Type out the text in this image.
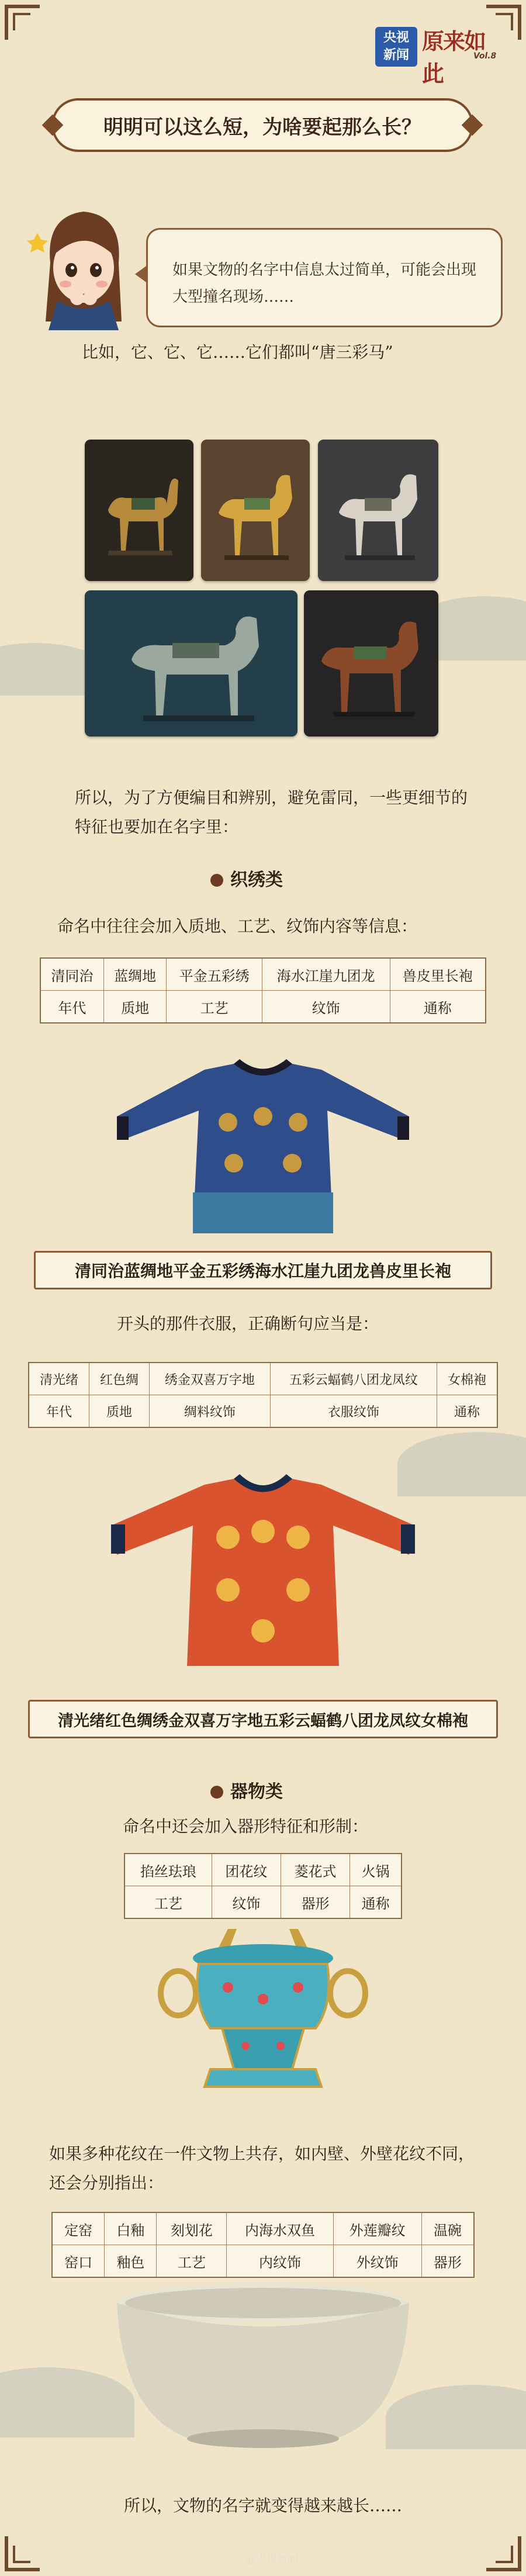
央视
新闻
原来如此
Vol.8
明明可以这么短，为啥要起那么长？
如果文物的名字中信息太过简单，可能会出现大型撞名现场……
比如，它、它、它……它们都叫“唐三彩马”
所以，为了方便编目和辨别，避免雷同，一些更细节的特征也要加在名字里：
织绣类
命名中往往会加入质地、工艺、纹饰内容等信息：
清同治	蓝绸地	平金五彩绣	海水江崖九团龙	兽皮里长袍
年代	质地	工艺	纹饰	通称
清同治蓝绸地平金五彩绣海水江崖九团龙兽皮里长袍
开头的那件衣服，正确断句应当是：
清光绪	红色绸	绣金双喜万字地	五彩云蝠鹤八团龙凤纹	女棉袍
年代	质地	绸料纹饰	衣服纹饰	通称
清光绪红色绸绣金双喜万字地五彩云蝠鹤八团龙凤纹女棉袍
器物类
命名中还会加入器形特征和形制：
掐丝珐琅	团花纹	菱花式	火锅
工艺	纹饰	器形	通称
如果多种花纹在一件文物上共存，如内壁、外壁花纹不同，还会分别指出：
定窑	白釉	刻划花	内海水双鱼	外莲瓣纹	温碗
窑口	釉色	工艺	内纹饰	外纹饰	器形
所以，文物的名字就变得越来越长……
@央视新闻
